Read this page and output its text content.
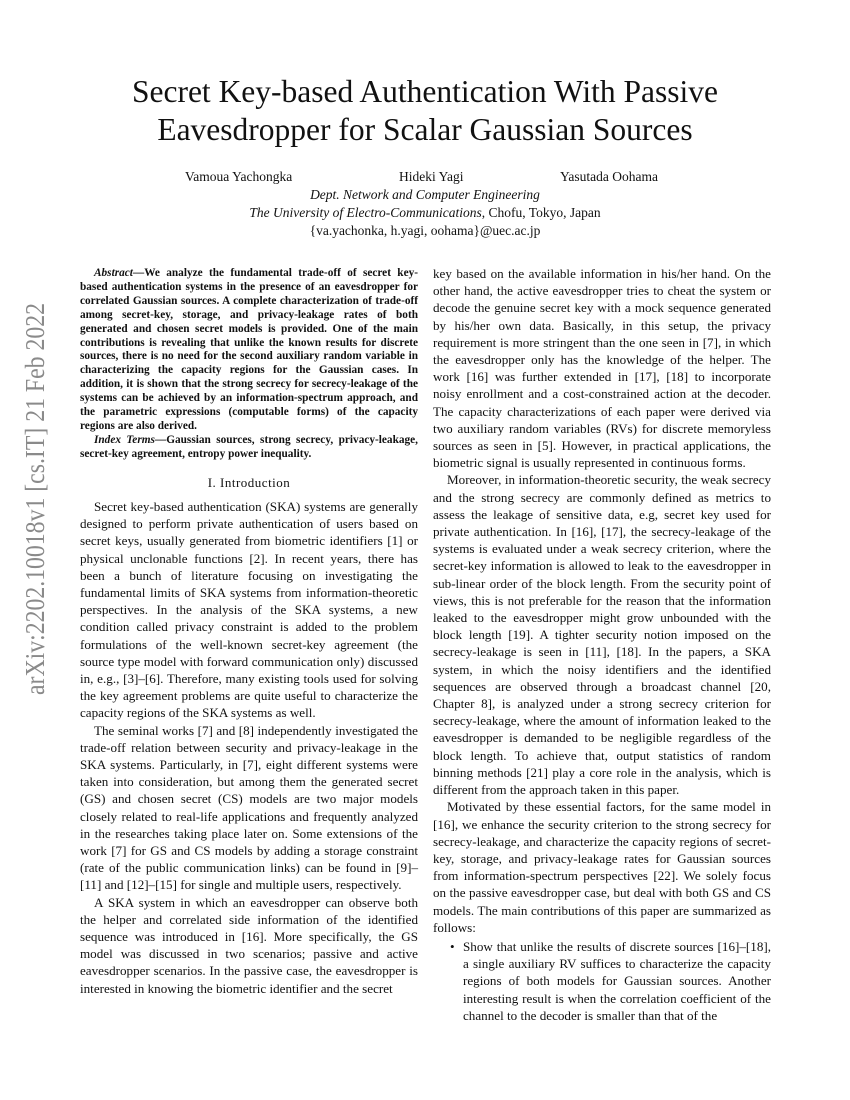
arXiv:2202.10018v1 [cs.IT] 21 Feb 2022
Secret Key-based Authentication With Passive
Eavesdropper for Scalar Gaussian Sources
Vamoua Yachongka	Hideki Yagi	Yasutada Oohama
Dept. Network and Computer Engineering
The University of Electro-Communications, Chofu, Tokyo, Japan
{va.yachonka, h.yagi, oohama}@uec.ac.jp

Abstract—We analyze the fundamental trade-off of secret key-based authentication systems in the presence of an eavesdropper for correlated Gaussian sources. A complete characterization of trade-off among secret-key, storage, and privacy-leakage rates of both generated and chosen secret models is provided. One of the main contributions is revealing that unlike the known results for discrete sources, there is no need for the second auxiliary random variable in characterizing the capacity regions for the Gaussian cases. In addition, it is shown that the strong secrecy for secrecy-leakage of the systems can be achieved by an information-spectrum approach, and the parametric expressions (computable forms) of the capacity regions are also derived.

Index Terms—Gaussian sources, strong secrecy, privacy-leakage, secret-key agreement, entropy power inequality.

I. Introduction

Secret key-based authentication (SKA) systems are generally designed to perform private authentication of users based on secret keys, usually generated from biometric identifiers [1] or physical unclonable functions [2]. In recent years, there has been a bunch of literature focusing on investigating the fundamental limits of SKA systems from information-theoretic perspectives. In the analysis of the SKA systems, a new condition called privacy constraint is added to the problem formulations of the well-known secret-key agreement (the source type model with forward communication only) discussed in, e.g., [3]–[6]. Therefore, many existing tools used for solving the key agreement problems are quite useful to characterize the capacity regions of the SKA systems as well.

The seminal works [7] and [8] independently investigated the trade-off relation between security and privacy-leakage in the SKA systems. Particularly, in [7], eight different systems were taken into consideration, but among them the generated secret (GS) and chosen secret (CS) models are two major models closely related to real-life applications and frequently analyzed in the researches taking place later on. Some extensions of the work [7] for GS and CS models by adding a storage constraint (rate of the public communication links) can be found in [9]–[11] and [12]–[15] for single and multiple users, respectively.

A SKA system in which an eavesdropper can observe both the helper and correlated side information of the identified sequence was introduced in [16]. More specifically, the GS model was discussed in two scenarios; passive and active eavesdropper scenarios. In the passive case, the eavesdropper is interested in knowing the biometric identifier and the secret

key based on the available information in his/her hand. On the other hand, the active eavesdropper tries to cheat the system or decode the genuine secret key with a mock sequence generated by his/her own data. Basically, in this setup, the privacy requirement is more stringent than the one seen in [7], in which the eavesdropper only has the knowledge of the helper. The work [16] was further extended in [17], [18] to incorporate noisy enrollment and a cost-constrained action at the decoder. The capacity characterizations of each paper were derived via two auxiliary random variables (RVs) for discrete memoryless sources as seen in [5]. However, in practical applications, the biometric signal is usually represented in continuous forms.

Moreover, in information-theoretic security, the weak secrecy and the strong secrecy are commonly defined as metrics to assess the leakage of sensitive data, e.g, secret key used for private authentication. In [16], [17], the secrecy-leakage of the systems is evaluated under a weak secrecy criterion, where the secret-key information is allowed to leak to the eavesdropper in sub-linear order of the block length. From the security point of views, this is not preferable for the reason that the information leaked to the eavesdropper might grow unbounded with the block length [19]. A tighter security notion imposed on the secrecy-leakage is seen in [11], [18]. In the papers, a SKA system, in which the noisy identifiers and the identified sequences are observed through a broadcast channel [20, Chapter 8], is analyzed under a strong secrecy criterion for secrecy-leakage, where the amount of information leaked to the eavesdropper is demanded to be negligible regardless of the block length. To achieve that, output statistics of random binning methods [21] play a core role in the analysis, which is different from the approach taken in this paper.

Motivated by these essential factors, for the same model in [16], we enhance the security criterion to the strong secrecy for secrecy-leakage, and characterize the capacity regions of secret-key, storage, and privacy-leakage rates for Gaussian sources from information-spectrum perspectives [22]. We solely focus on the passive eavesdropper case, but deal with both GS and CS models. The main contributions of this paper are summarized as follows:

• Show that unlike the results of discrete sources [16]–[18], a single auxiliary RV suffices to characterize the capacity regions of both models for Gaussian sources. Another interesting result is when the correlation coefficient of the channel to the decoder is smaller than that of the
